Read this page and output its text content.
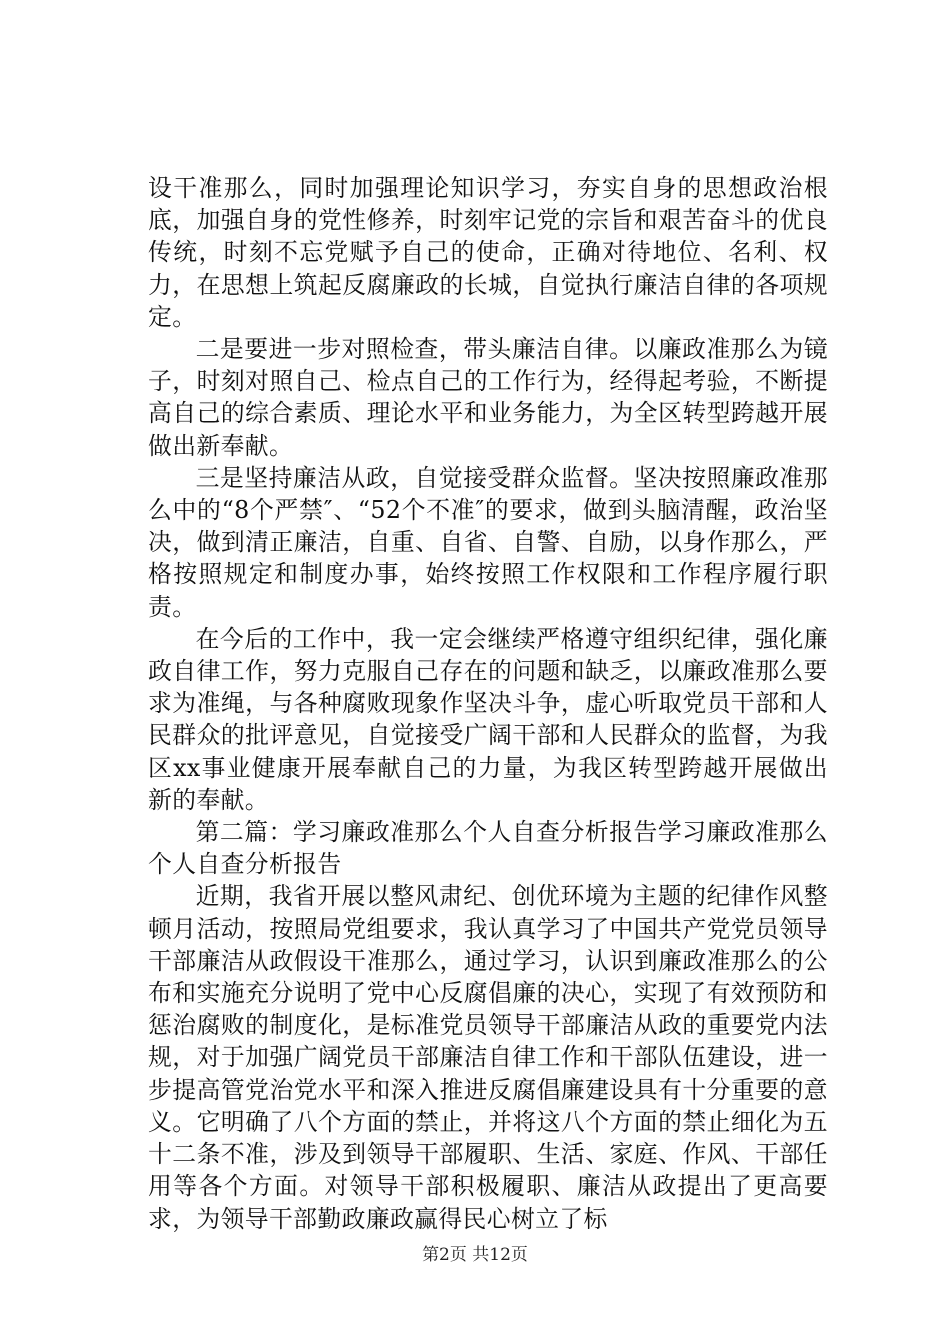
设干准那么，同时加强理论知识学习，夯实自身的思想政治根底，加强自身的党性修养，时刻牢记党的宗旨和艰苦奋斗的优良传统，时刻不忘党赋予自己的使命，正确对待地位、名利、权力，在思想上筑起反腐廉政的长城，自觉执行廉洁自律的各项规定。

二是要进一步对照检查，带头廉洁自律。以廉政准那么为镜子，时刻对照自己、检点自己的工作行为，经得起考验，不断提高自己的综合素质、理论水平和业务能力，为全区转型跨越开展做出新奉献。

三是坚持廉洁从政，自觉接受群众监督。坚决按照廉政准那么中的“8个严禁″、“52个不准″的要求，做到头脑清醒，政治坚决，做到清正廉洁，自重、自省、自警、自励，以身作那么，严格按照规定和制度办事，始终按照工作权限和工作程序履行职责。

在今后的工作中，我一定会继续严格遵守组织纪律，强化廉政自律工作，努力克服自己存在的问题和缺乏，以廉政准那么要求为准绳，与各种腐败现象作坚决斗争，虚心听取党员干部和人民群众的批评意见，自觉接受广阔干部和人民群众的监督，为我区xx事业健康开展奉献自己的力量，为我区转型跨越开展做出新的奉献。

第二篇：学习廉政准那么个人自查分析报告学习廉政准那么个人自查分析报告

近期，我省开展以整风肃纪、创优环境为主题的纪律作风整顿月活动，按照局党组要求，我认真学习了中国共产党党员领导干部廉洁从政假设干准那么，通过学习，认识到廉政准那么的公布和实施充分说明了党中心反腐倡廉的决心，实现了有效预防和惩治腐败的制度化，是标准党员领导干部廉洁从政的重要党内法规，对于加强广阔党员干部廉洁自律工作和干部队伍建设，进一步提高管党治党水平和深入推进反腐倡廉建设具有十分重要的意义。它明确了八个方面的禁止，并将这八个方面的禁止细化为五十二条不准，涉及到领导干部履职、生活、家庭、作风、干部任用等各个方面。对领导干部积极履职、廉洁从政提出了更高要求，为领导干部勤政廉政赢得民心树立了标

第2页 共12页
